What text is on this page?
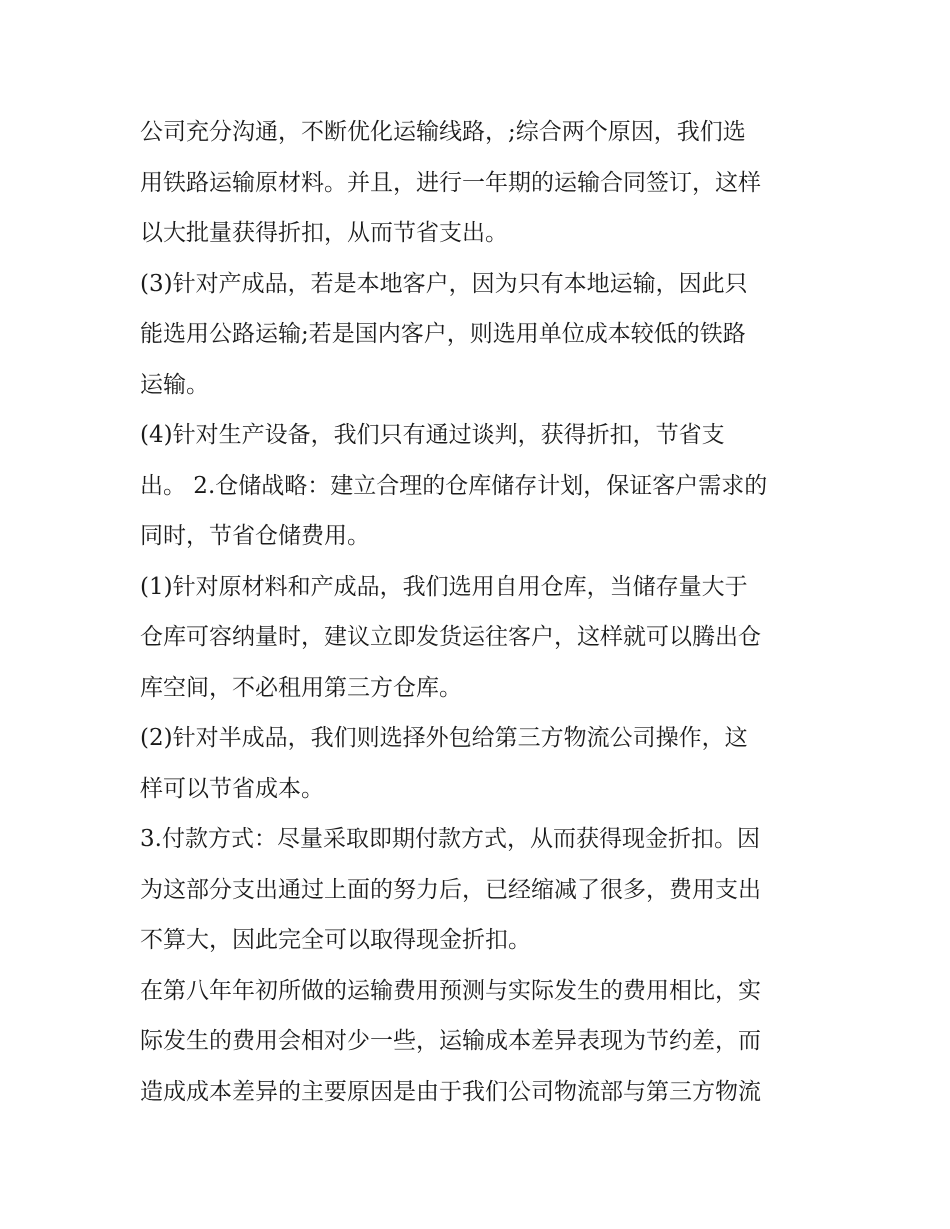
公司充分沟通，不断优化运输线路，;综合两个原因，我们选
用铁路运输原材料。并且，进行一年期的运输合同签订，这样
以大批量获得折扣，从而节省支出。
(3)针对产成品，若是本地客户，因为只有本地运输，因此只
能选用公路运输;若是国内客户，则选用单位成本较低的铁路
运输。
(4)针对生产设备，我们只有通过谈判，获得折扣，节省支
出。 2.仓储战略：建立合理的仓库储存计划，保证客户需求的
同时，节省仓储费用。
(1)针对原材料和产成品，我们选用自用仓库，当储存量大于
仓库可容纳量时，建议立即发货运往客户，这样就可以腾出仓
库空间，不必租用第三方仓库。
(2)针对半成品，我们则选择外包给第三方物流公司操作，这
样可以节省成本。
3.付款方式：尽量采取即期付款方式，从而获得现金折扣。因
为这部分支出通过上面的努力后，已经缩减了很多，费用支出
不算大，因此完全可以取得现金折扣。
在第八年年初所做的运输费用预测与实际发生的费用相比，实
际发生的费用会相对少一些，运输成本差异表现为节约差，而
造成成本差异的主要原因是由于我们公司物流部与第三方物流
